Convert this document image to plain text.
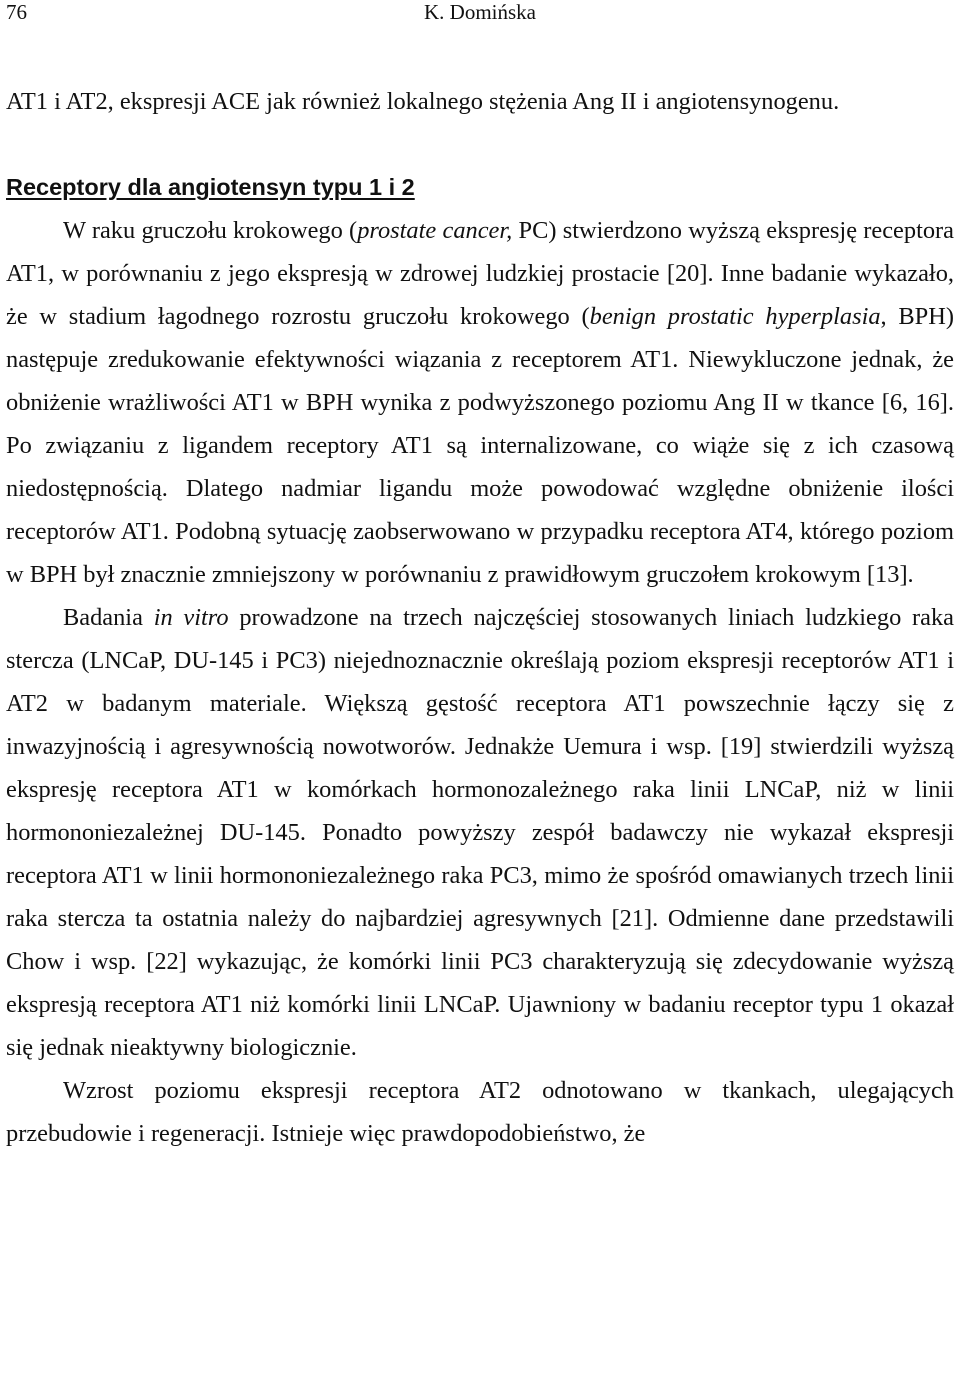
76	K. Domińska

AT1 i AT2, ekspresji ACE jak również lokalnego stężenia Ang II i angiotensynogenu.

Receptory dla angiotensyn typu 1 i 2

W raku gruczołu krokowego (prostate cancer, PC) stwierdzono wyższą ekspresję receptora AT1, w porównaniu z jego ekspresją w zdrowej ludzkiej prostacie [20]. Inne badanie wykazało, że w stadium łagodnego rozrostu gruczołu krokowego (benign prostatic hyperplasia, BPH) następuje zredukowanie efektywności wiązania z receptorem AT1. Niewykluczone jednak, że obniżenie wrażliwości AT1 w BPH wynika z podwyższonego poziomu Ang II w tkance [6, 16]. Po związaniu z ligandem receptory AT1 są internalizowane, co wiąże się z ich czasową niedostępnością. Dlatego nadmiar ligandu może powodować względne obniżenie ilości receptorów AT1. Podobną sytuację zaobserwowano w przypadku receptora AT4, którego poziom w BPH był znacznie zmniejszony w porównaniu z prawidłowym gruczołem krokowym [13].

Badania in vitro prowadzone na trzech najczęściej stosowanych liniach ludzkiego raka stercza (LNCaP, DU-145 i PC3) niejednoznacznie określają poziom ekspresji receptorów AT1 i AT2 w badanym materiale. Większą gęstość receptora AT1 powszechnie łączy się z inwazyjnością i agresywnością nowotworów. Jednakże Uemura i wsp. [19] stwierdzili wyższą ekspresję receptora AT1 w komórkach hormonozależnego raka linii LNCaP, niż w linii hormononiezależnej DU-145. Ponadto powyższy zespół badawczy nie wykazał ekspresji receptora AT1 w linii hormononiezależnego raka PC3, mimo że spośród omawianych trzech linii raka stercza ta ostatnia należy do najbardziej agresywnych [21]. Odmienne dane przedstawili Chow i wsp. [22] wykazując, że komórki linii PC3 charakteryzują się zdecydowanie wyższą ekspresją receptora AT1 niż komórki linii LNCaP. Ujawniony w badaniu receptor typu 1 okazał się jednak nieaktywny biologicznie.

Wzrost poziomu ekspresji receptora AT2 odnotowano w tkankach, ulegających przebudowie i regeneracji. Istnieje więc prawdopodobieństwo, że
